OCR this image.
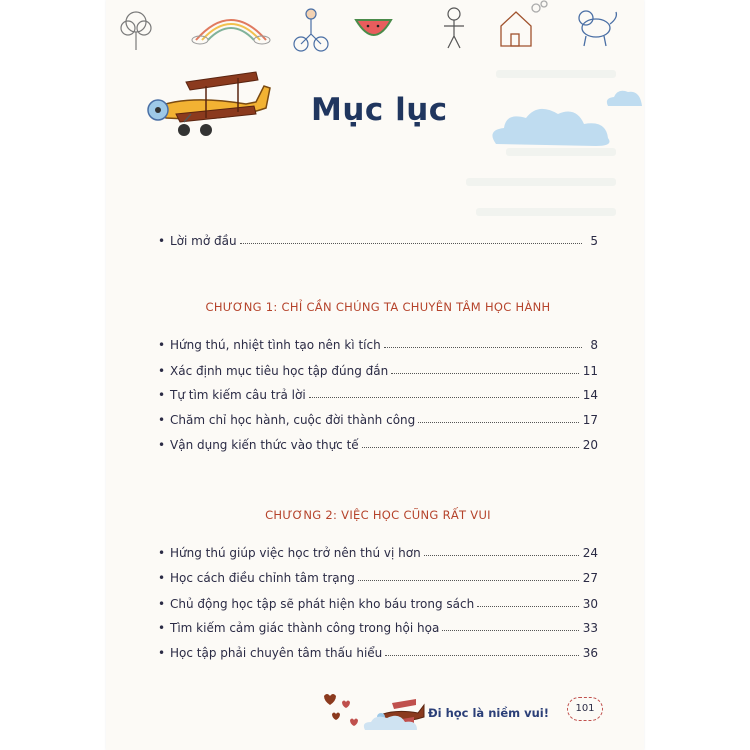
Mục lục
• Lời mở đầu	5
CHƯƠNG 1: CHỈ CẦN CHÚNG TA CHUYÊN TÂM HỌC HÀNH
• Hứng thú, nhiệt tình tạo nên kì tích	8
• Xác định mục tiêu học tập đúng đắn	11
• Tự tìm kiếm câu trả lời	14
• Chăm chỉ học hành, cuộc đời thành công	17
• Vận dụng kiến thức vào thực tế	20
CHƯƠNG 2: VIỆC HỌC CŨNG RẤT VUI
• Hứng thú giúp việc học trở nên thú vị hơn	24
• Học cách điều chỉnh tâm trạng	27
• Chủ động học tập sẽ phát hiện kho báu trong sách	30
• Tìm kiếm cảm giác thành công trong hội họa	33
• Học tập phải chuyên tâm thấu hiểu	36
Đi học là niềm vui!	101
